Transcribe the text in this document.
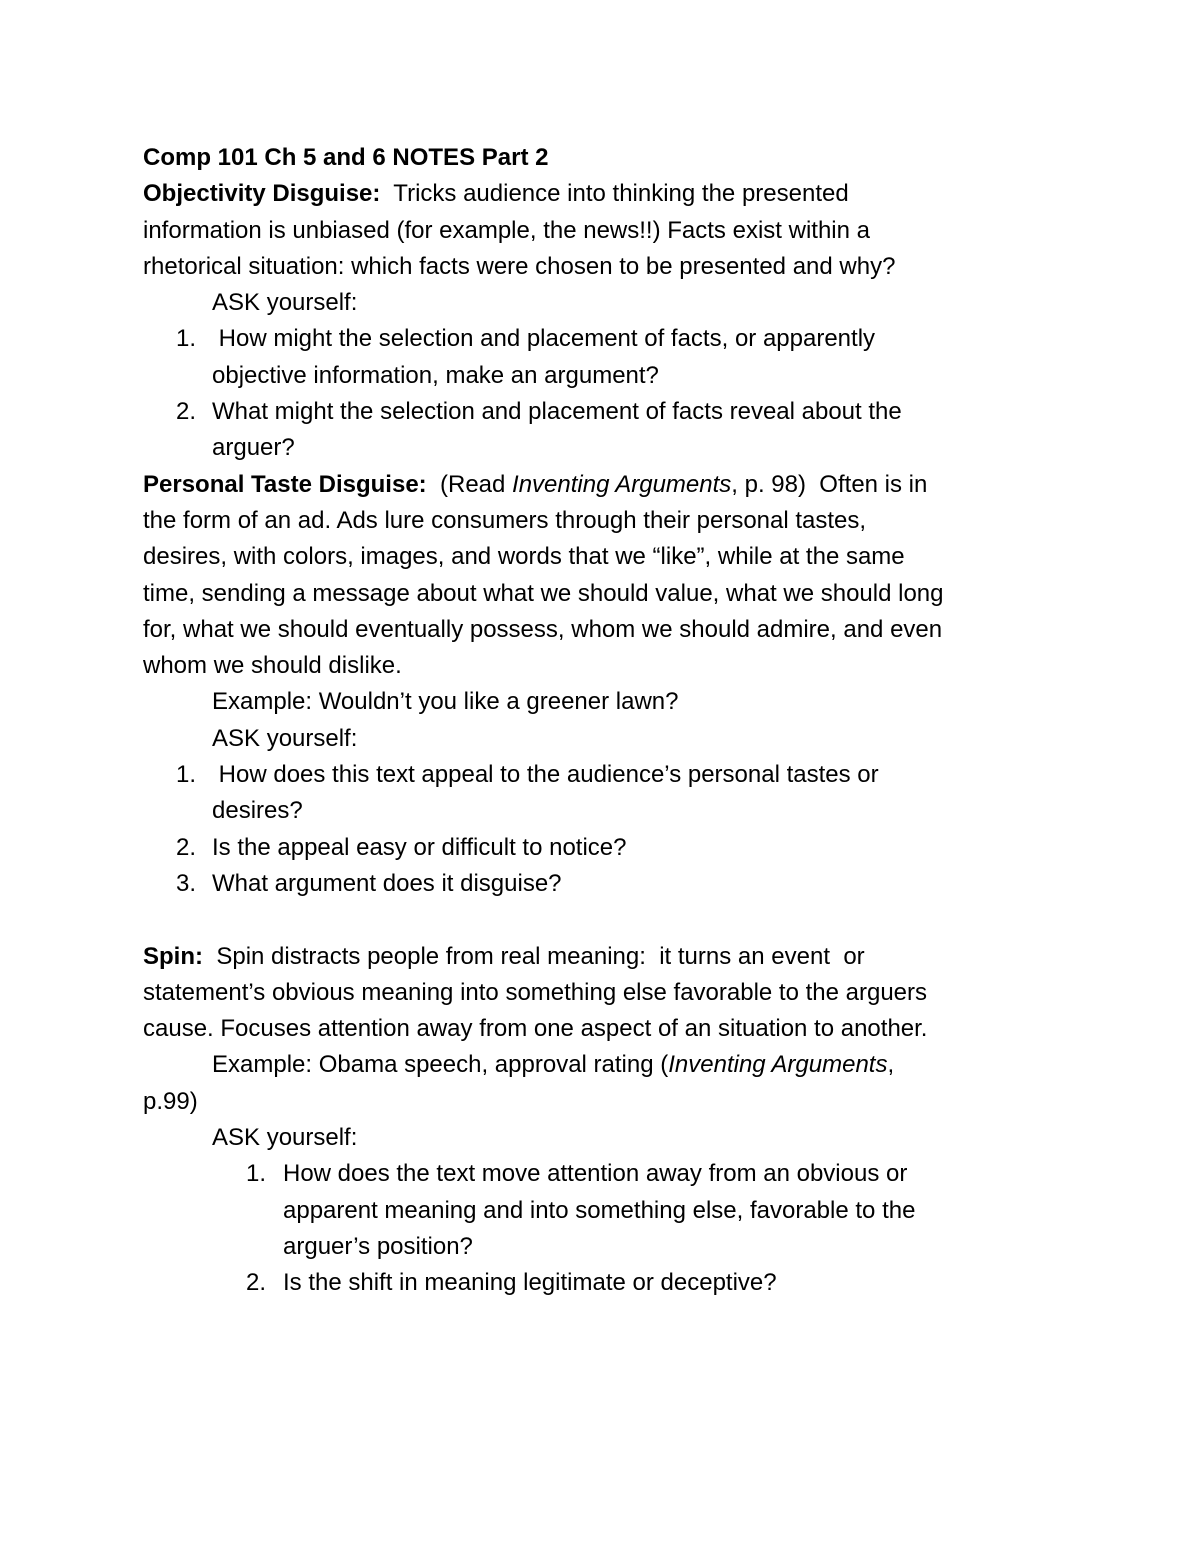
Comp 101 Ch 5 and 6 NOTES Part 2
Objectivity Disguise:  Tricks audience into thinking the presented
information is unbiased (for example, the news!!) Facts exist within a
rhetorical situation: which facts were chosen to be presented and why?
ASK yourself:
1. How might the selection and placement of facts, or apparently
objective information, make an argument?
2. What might the selection and placement of facts reveal about the
arguer?
Personal Taste Disguise:  (Read Inventing Arguments, p. 98)  Often is in
the form of an ad. Ads lure consumers through their personal tastes,
desires, with colors, images, and words that we “like”, while at the same
time, sending a message about what we should value, what we should long
for, what we should eventually possess, whom we should admire, and even
whom we should dislike.
Example: Wouldn’t you like a greener lawn?
ASK yourself:
1. How does this text appeal to the audience’s personal tastes or
desires?
2. Is the appeal easy or difficult to notice?
3. What argument does it disguise?
Spin:  Spin distracts people from real meaning:  it turns an event  or
statement’s obvious meaning into something else favorable to the arguers
cause. Focuses attention away from one aspect of an situation to another.
Example: Obama speech, approval rating (Inventing Arguments,
p.99)
ASK yourself:
1. How does the text move attention away from an obvious or
apparent meaning and into something else, favorable to the
arguer’s position?
2. Is the shift in meaning legitimate or deceptive?
